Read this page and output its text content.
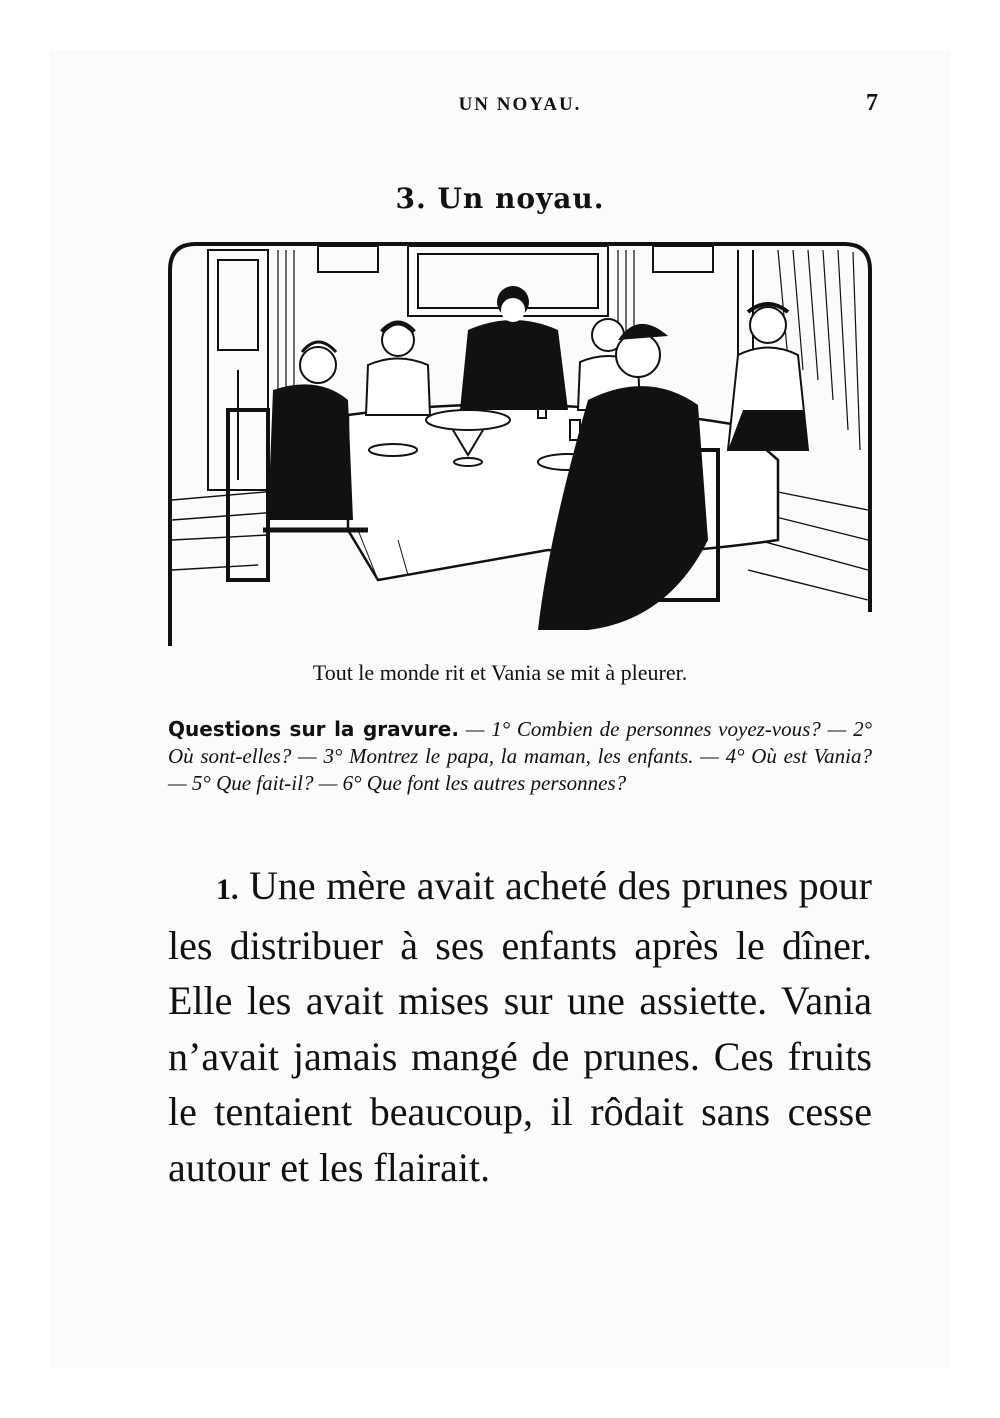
UN NOYAU.	7
3. Un noyau.
Tout le monde rit et Vania se mit à pleurer.
Questions sur la gravure. — 1° Combien de personnes voyez-vous? — 2° Où sont-elles? — 3° Montrez le papa, la maman, les enfants. — 4° Où est Vania? — 5° Que fait-il? — 6° Que font les autres personnes?
1. Une mère avait acheté des prunes pour les distribuer à ses enfants après le dîner. Elle les avait mises sur une assiette. Vania n’avait jamais mangé de prunes. Ces fruits le tentaient beaucoup, il rôdait sans cesse autour et les flairait.
